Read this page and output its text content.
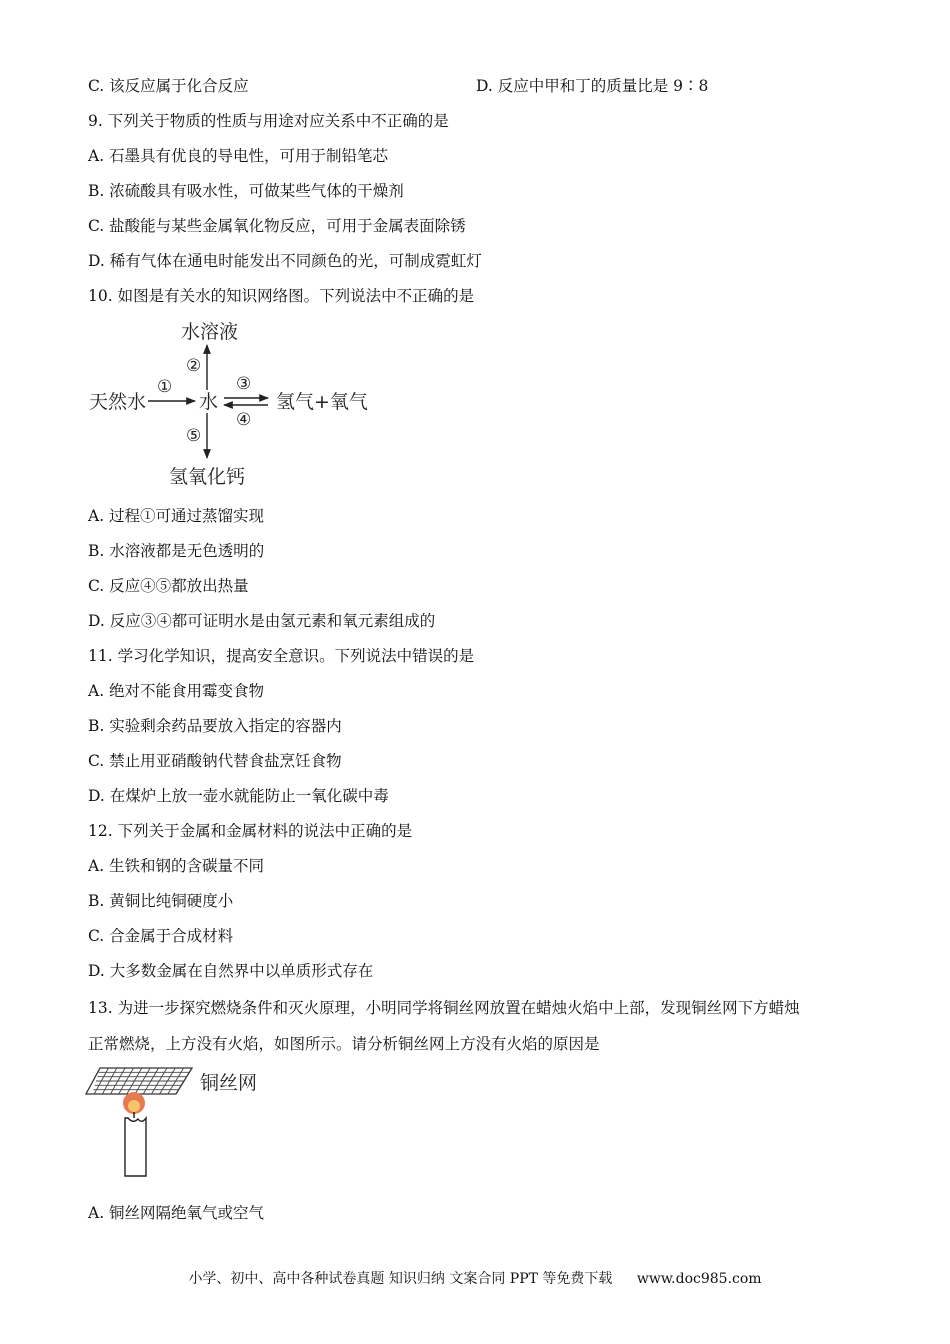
C. 该反应属于化合反应	D. 反应中甲和丁的质量比是 9∶8
9. 下列关于物质的性质与用途对应关系中不正确的是
A. 石墨具有优良的导电性，可用于制铅笔芯
B. 浓硫酸具有吸水性，可做某些气体的干燥剂
C. 盐酸能与某些金属氧化物反应，可用于金属表面除锈
D. 稀有气体在通电时能发出不同颜色的光，可制成霓虹灯
10. 如图是有关水的知识网络图。下列说法中不正确的是
水溶液
天然水	水	氢气+氧气
氢氧化钙
①
②
③
④
⑤
A. 过程①可通过蒸馏实现
B. 水溶液都是无色透明的
C. 反应④⑤都放出热量
D. 反应③④都可证明水是由氢元素和氧元素组成的
11. 学习化学知识，提高安全意识。下列说法中错误的是
A. 绝对不能食用霉变食物
B. 实验剩余药品要放入指定的容器内
C. 禁止用亚硝酸钠代替食盐烹饪食物
D. 在煤炉上放一壶水就能防止一氧化碳中毒
12. 下列关于金属和金属材料的说法中正确的是
A. 生铁和钢的含碳量不同
B. 黄铜比纯铜硬度小
C. 合金属于合成材料
D. 大多数金属在自然界中以单质形式存在
13. 为进一步探究燃烧条件和灭火原理，小明同学将铜丝网放置在蜡烛火焰中上部，发现铜丝网下方蜡烛
正常燃烧，上方没有火焰，如图所示。请分析铜丝网上方没有火焰的原因是
铜丝网
A. 铜丝网隔绝氧气或空气
小学、初中、高中各种试卷真题 知识归纳 文案合同 PPT 等免费下载 www.doc985.com
